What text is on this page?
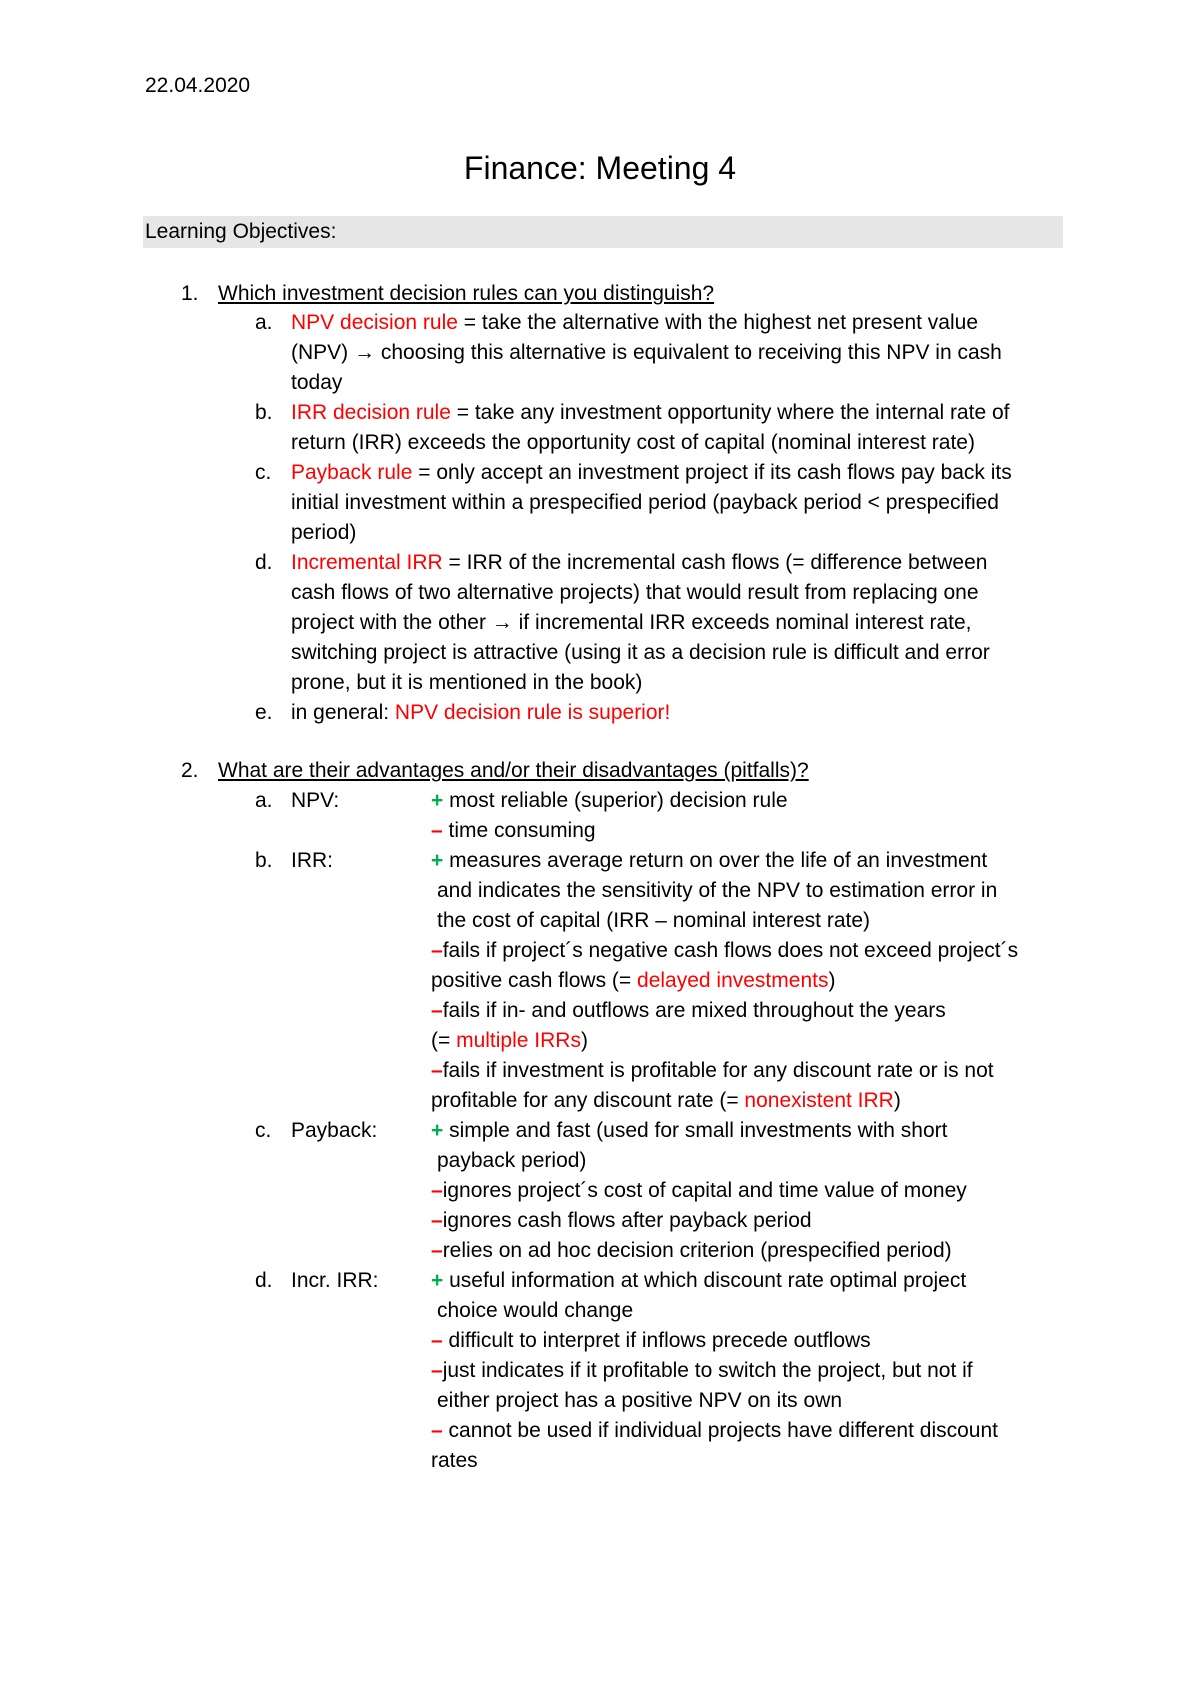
22.04.2020
Finance: Meeting 4
Learning Objectives:
1. Which investment decision rules can you distinguish?
a. NPV decision rule = take the alternative with the highest net present value
(NPV) → choosing this alternative is equivalent to receiving this NPV in cash
today
b. IRR decision rule = take any investment opportunity where the internal rate of
return (IRR) exceeds the opportunity cost of capital (nominal interest rate)
c. Payback rule = only accept an investment project if its cash flows pay back its
initial investment within a prespecified period (payback period < prespecified
period)
d. Incremental IRR = IRR of the incremental cash flows (= difference between
cash flows of two alternative projects) that would result from replacing one
project with the other → if incremental IRR exceeds nominal interest rate,
switching project is attractive (using it as a decision rule is difficult and error
prone, but it is mentioned in the book)
e. in general: NPV decision rule is superior!
2. What are their advantages and/or their disadvantages (pitfalls)?
a. NPV:	+ most reliable (superior) decision rule
– time consuming
b. IRR:	+ measures average return on over the life of an investment
and indicates the sensitivity of the NPV to estimation error in
the cost of capital (IRR – nominal interest rate)
–fails if project´s negative cash flows does not exceed project´s
positive cash flows (= delayed investments)
–fails if in- and outflows are mixed throughout the years
(= multiple IRRs)
–fails if investment is profitable for any discount rate or is not
profitable for any discount rate (= nonexistent IRR)
c. Payback:	+ simple and fast (used for small investments with short
payback period)
–ignores project´s cost of capital and time value of money
–ignores cash flows after payback period
–relies on ad hoc decision criterion (prespecified period)
d. Incr. IRR: + useful information at which discount rate optimal project
choice would change
– difficult to interpret if inflows precede outflows
–just indicates if it profitable to switch the project, but not if
either project has a positive NPV on its own
– cannot be used if individual projects have different discount
rates
